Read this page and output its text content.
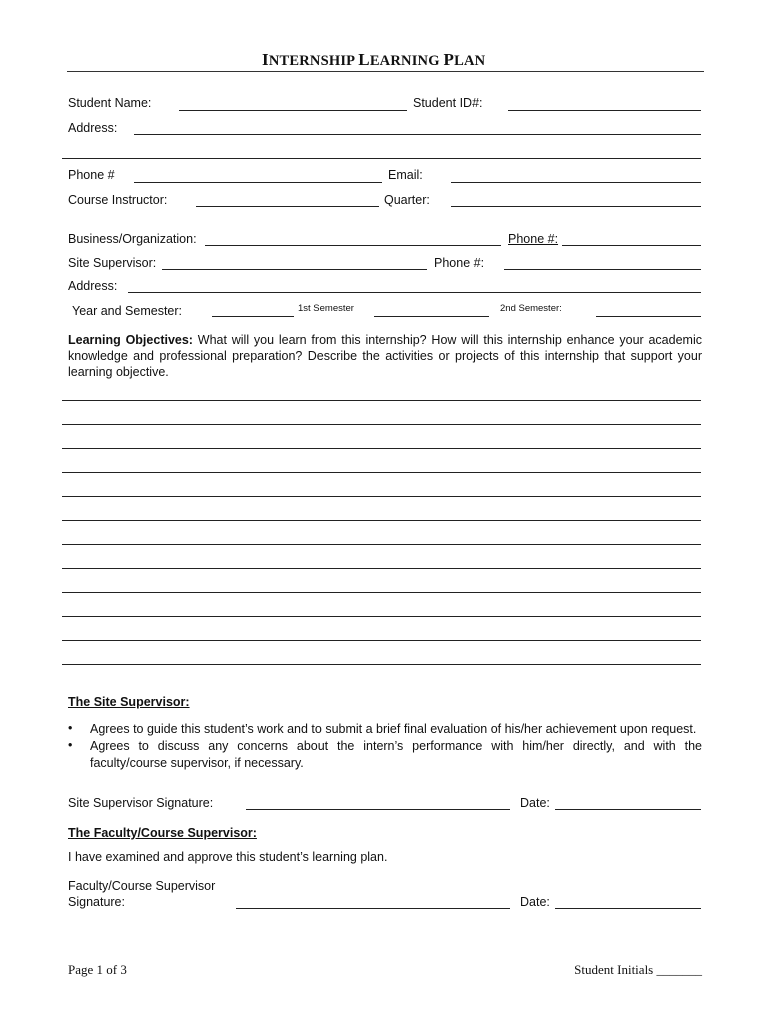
INTERNSHIP LEARNING PLAN
Student Name:	Student ID#:
Address:
Phone #	Email:
Course Instructor:	Quarter:
Business/Organization:	Phone #:
Site Supervisor:	Phone #:
Address:
Year and Semester:	1st Semester	2nd Semester:
Learning Objectives: What will you learn from this internship? How will this internship enhance your academic knowledge and professional preparation? Describe the activities or projects of this internship that support your learning objective.
The Site Supervisor:
• Agrees to guide this student’s work and to submit a brief final evaluation of his/her achievement upon request.
• Agrees to discuss any concerns about the intern’s performance with him/her directly, and with the faculty/course supervisor, if necessary.
Site Supervisor Signature:	Date:
The Faculty/Course Supervisor:
I have examined and approve this student’s learning plan.
Faculty/Course Supervisor
Signature:	Date:
Page 1 of 3	Student Initials _______
